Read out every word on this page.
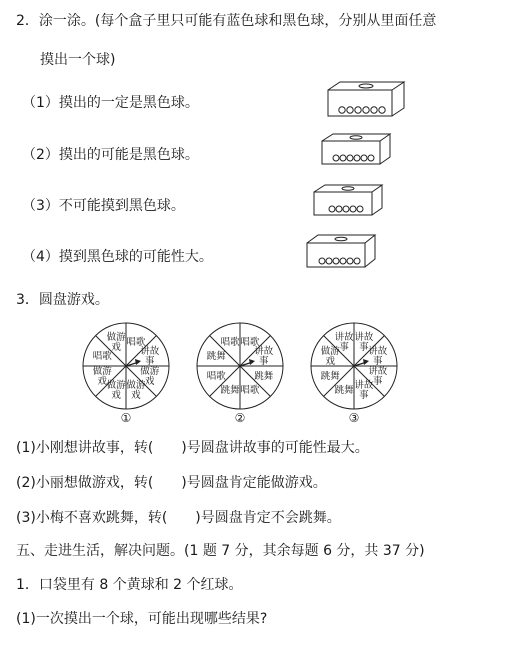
2．涂一涂。(每个盒子里只可能有蓝色球和黑色球，分别从里面任意
摸出一个球)
（1）摸出的一定是黑色球。
（2）摸出的可能是黑色球。
（3）不可能摸到黑色球。
（4）摸到黑色球的可能性大。
3．圆盘游戏。
唱歌
讲故事
做游戏
做游戏
做游戏
做游戏
唱歌
做游戏	唱歌
讲故事
跳舞
唱歌
跳舞
唱歌
跳舞
唱歌	讲故事 讲故事
讲故事
讲故事
跳舞
跳舞
做游戏
讲故事
①	②	③
(1)小刚想讲故事，转(　　)号圆盘讲故事的可能性最大。
(2)小丽想做游戏，转(　　)号圆盘肯定能做游戏。
(3)小梅不喜欢跳舞，转(　　)号圆盘肯定不会跳舞。
五、走进生活，解决问题。(1 题 7 分，其余每题 6 分，共 37 分)
1．口袋里有 8 个黄球和 2 个红球。
(1)一次摸出一个球，可能出现哪些结果?
